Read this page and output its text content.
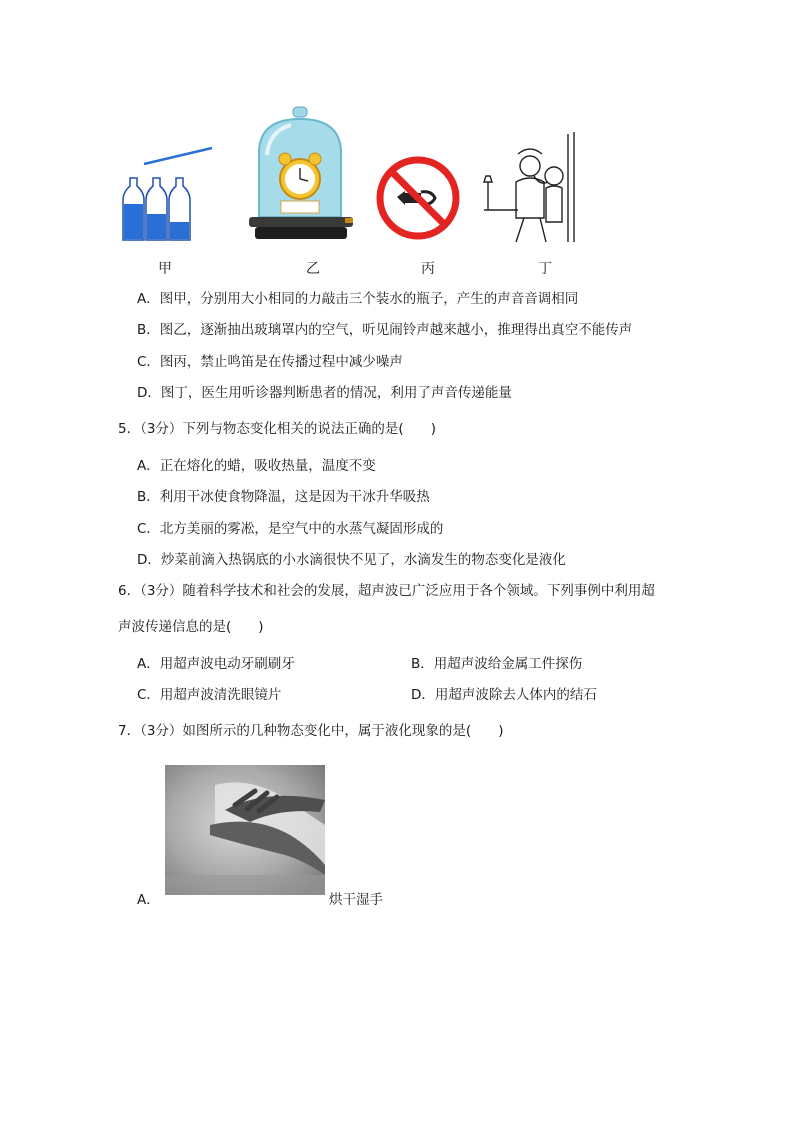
甲	乙	丙	丁
A．图甲，分别用大小相同的力敲击三个装水的瓶子，产生的声音音调相同
B．图乙，逐渐抽出玻璃罩内的空气，听见闹铃声越来越小，推理得出真空不能传声
C．图丙，禁止鸣笛是在传播过程中减少噪声
D．图丁，医生用听诊器判断患者的情况，利用了声音传递能量
5．（3分）下列与物态变化相关的说法正确的是(　　)
A．正在熔化的蜡，吸收热量，温度不变
B．利用干冰使食物降温，这是因为干冰升华吸热
C．北方美丽的雾凇，是空气中的水蒸气凝固形成的
D．炒菜前滴入热锅底的小水滴很快不见了，水滴发生的物态变化是液化
6．（3分）随着科学技术和社会的发展，超声波已广泛应用于各个领域。下列事例中利用超
声波传递信息的是(　　)
A．用超声波电动牙刷刷牙	B．用超声波给金属工件探伤
C．用超声波清洗眼镜片	D．用超声波除去人体内的结石
7．（3分）如图所示的几种物态变化中，属于液化现象的是(　　)
A．	烘干湿手
